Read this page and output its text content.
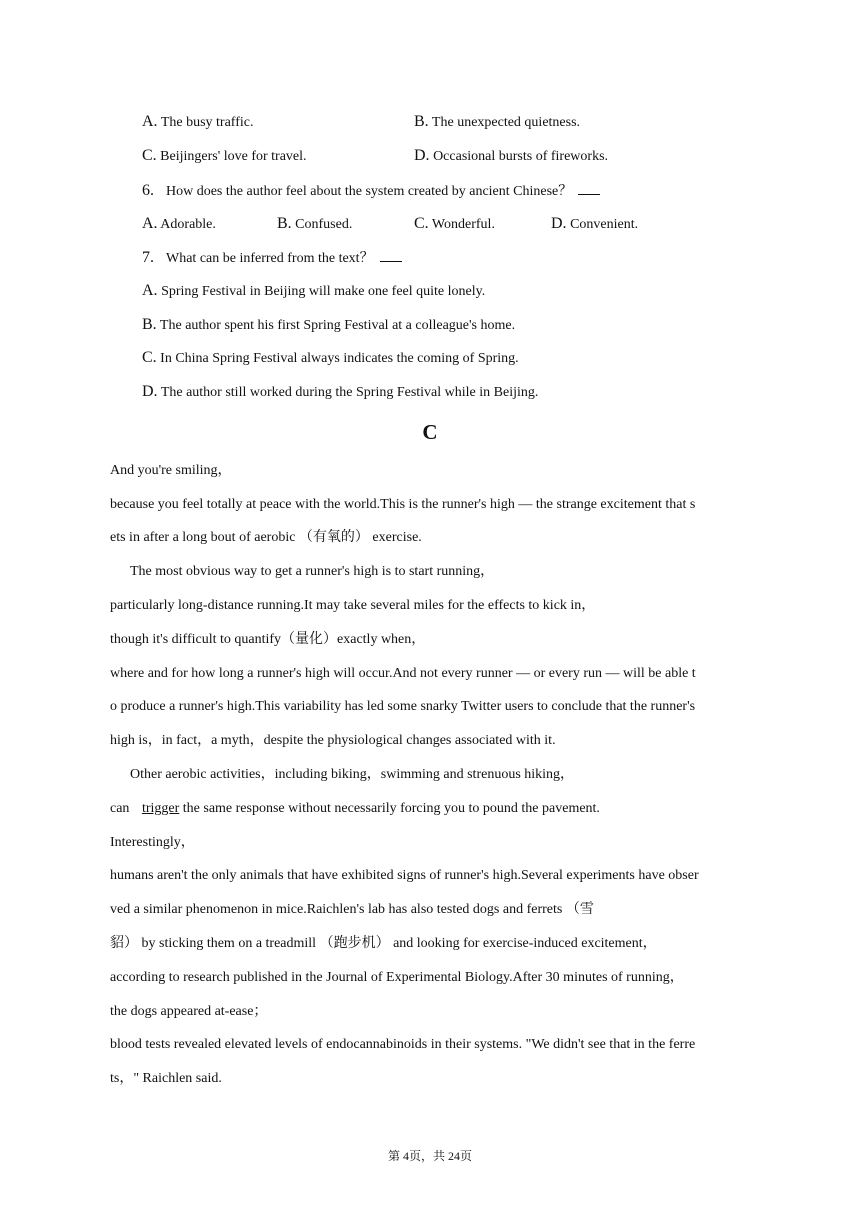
A. The busy traffic.	B. The unexpected quietness.
C. Beijingers' love for travel.	D. Occasional bursts of fireworks.
6. How does the author feel about the system created by ancient Chinese？
A. Adorable.	B. Confused.	C. Wonderful.	D. Convenient.
7. What can be inferred from the text？
A. Spring Festival in Beijing will make one feel quite lonely.
B. The author spent his first Spring Festival at a colleague's home.
C. In China Spring Festival always indicates the coming of Spring.
D. The author still worked during the Spring Festival while in Beijing.
C
And you're smiling，
because you feel totally at peace with the world.This is the runner's high — the strange excitement that s
ets in after a long bout of aerobic （有氧的） exercise.
The most obvious way to get a runner's high is to start running，
particularly long-distance running.It may take several miles for the effects to kick in，
though it's difficult to quantify（量化）exactly when，
where and for how long a runner's high will occur.And not every runner — or every run — will be able t
o produce a runner's high.This variability has led some snarky Twitter users to conclude that the runner's
high is，in fact，a myth，despite the physiological changes associated with it.
Other aerobic activities，including biking，swimming and strenuous hiking，
can trigger the same response without necessarily forcing you to pound the pavement.
Interestingly，
humans aren't the only animals that have exhibited signs of runner's high.Several experiments have obser
ved a similar phenomenon in mice.Raichlen's lab has also tested dogs and ferrets （雪
貂） by sticking them on a treadmill （跑步机） and looking for exercise-induced excitement，
according to research published in the Journal of Experimental Biology.After 30 minutes of running，
the dogs appeared at-ease；
blood tests revealed elevated levels of endocannabinoids in their systems. "We didn't see that in the ferre
ts，" Raichlen said.
第 4页，共 24页
